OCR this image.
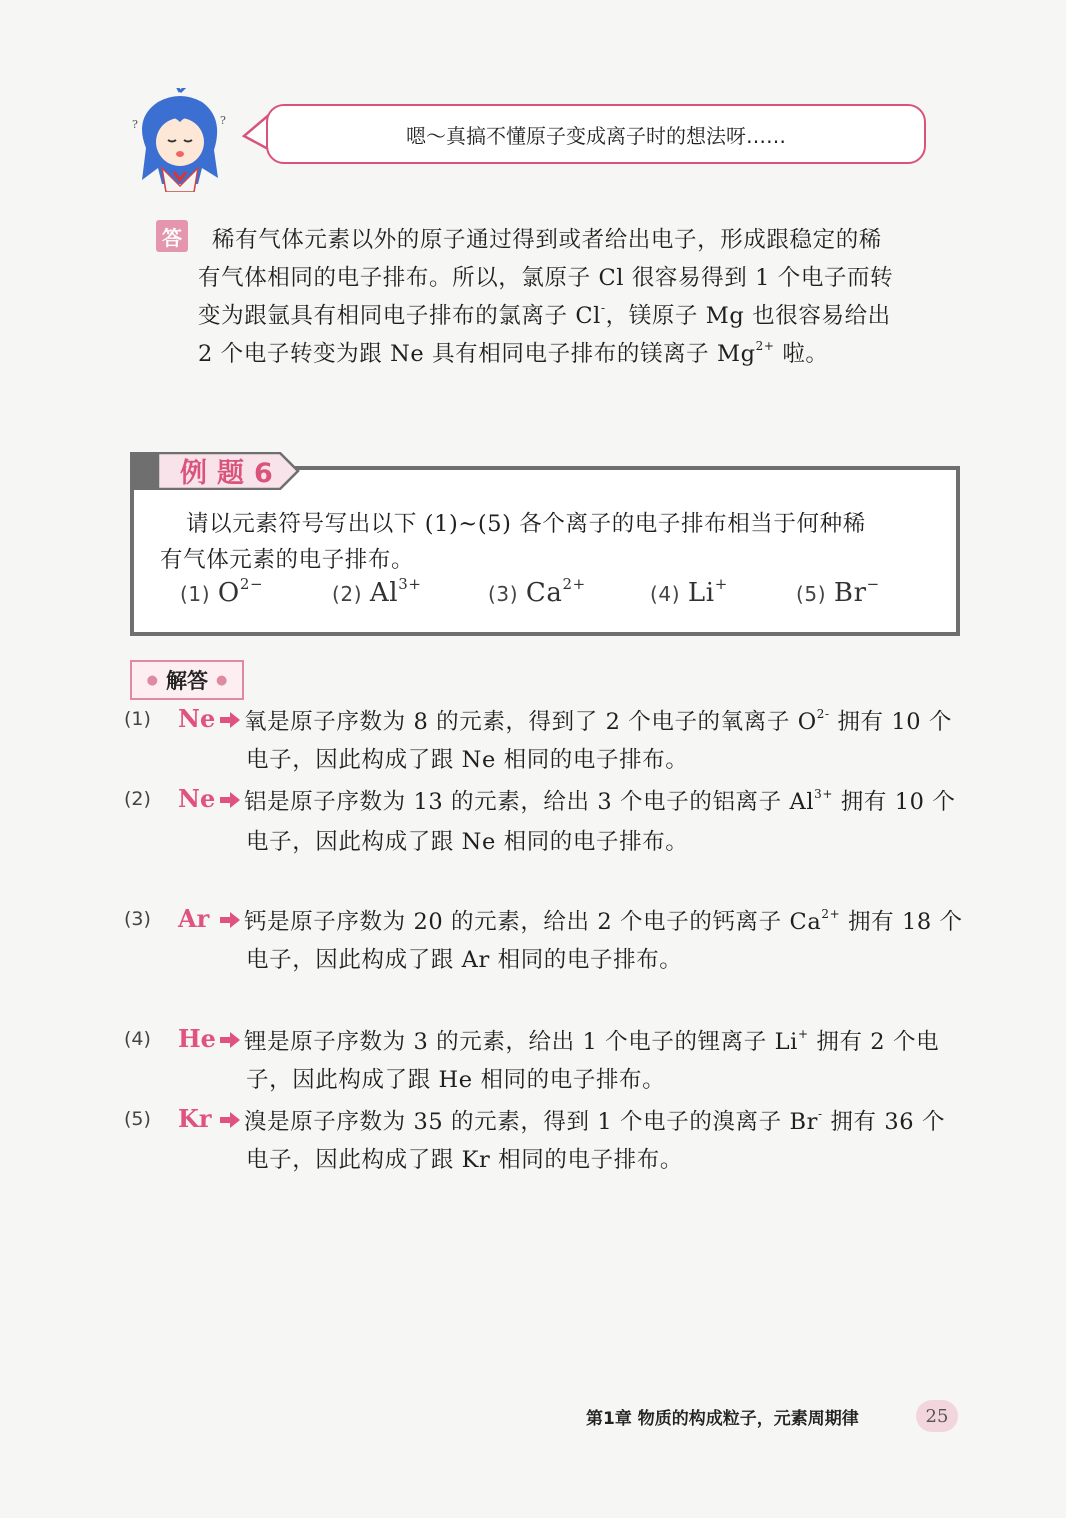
?	?
嗯～真搞不懂原子变成离子时的想法呀……
答 稀有气体元素以外的原子通过得到或者给出电子，形成跟稳定的稀
有气体相同的电子排布。所以，氯原子 Cl 很容易得到 1 个电子而转
变为跟氩具有相同电子排布的氯离子 Cl-，镁原子 Mg 也很容易给出
2 个电子转变为跟 Ne 具有相同电子排布的镁离子 $Mg^{2+}$ 啦。
例题6
请以元素符号写出以下 (1)~(5) 各个离子的电子排布相当于何种稀
有气体元素的电子排布。
(1) $O^{2-}$	(2) $Al^{3+}$	(3) $Ca^{2+}$	(4) Li+	(5) Br−
● 解答 ●
(1) Ne 氧是原子序数为 8 的元素，得到了 2 个电子的氧离子 $O^{2-}$ 拥有 10 个
电子，因此构成了跟 Ne 相同的电子排布。
(2) Ne 铝是原子序数为 13 的元素，给出 3 个电子的铝离子 $Al^{3+}$ 拥有 10 个
电子，因此构成了跟 Ne 相同的电子排布。
(3) Ar 钙是原子序数为 20 的元素，给出 2 个电子的钙离子 $Ca^{2+}$ 拥有 18 个
电子，因此构成了跟 Ar 相同的电子排布。
(4) He 锂是原子序数为 3 的元素，给出 1 个电子的锂离子 Li+ 拥有 2 个电
子，因此构成了跟 He 相同的电子排布。
(5) Kr 溴是原子序数为 35 的元素，得到 1 个电子的溴离子 Br- 拥有 36 个
电子，因此构成了跟 Kr 相同的电子排布。
第1章 物质的构成粒子，元素周期律	25
